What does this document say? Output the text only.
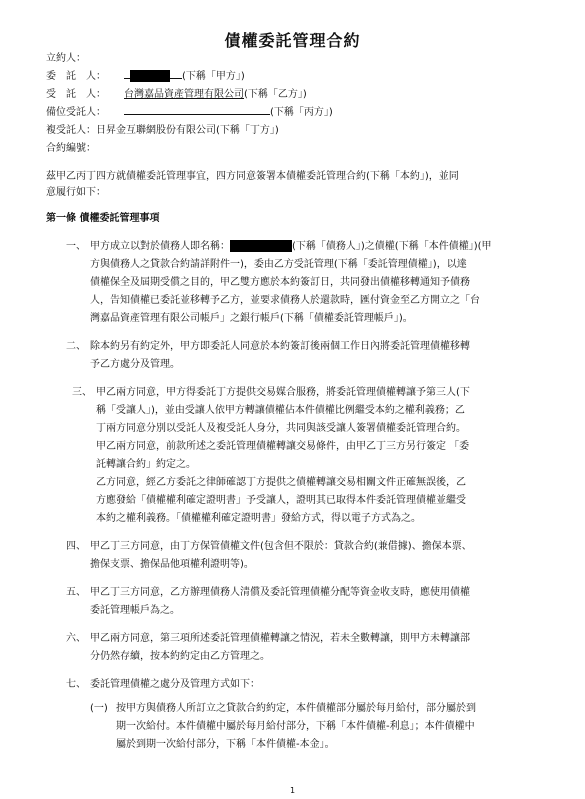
債權委託管理合約
立約人：
委　託　人：	(下稱「甲方」)
受　託　人： 台灣嘉品資產管理有限公司(下稱「乙方」)
備位受託人：	(下稱「丙方」)
複受託人：日昇金互聯網股份有限公司(下稱「丁方」)
合約編號：
茲甲乙丙丁四方就債權委託管理事宜，四方同意簽署本債權委託管理合約(下稱「本約」)，並同
意履行如下：
第一條 債權委託管理事項
一、 甲方成立以對於債務人即名稱：	(下稱「債務人」)之債權(下稱「本件債權」)(甲
方與債務人之貸款合約請詳附件一)，委由乙方受託管理(下稱「委託管理債權」)，以達
債權保全及屆期受償之目的，甲乙雙方應於本約簽訂日，共同發出債權移轉通知予債務
人，告知債權已委託並移轉予乙方，並要求債務人於還款時，匯付資金至乙方開立之「台
灣嘉品資產管理有限公司帳戶」之銀行帳戶(下稱「債權委託管理帳戶」)。
二、 除本約另有約定外，甲方即委託人同意於本約簽訂後兩個工作日內將委託管理債權移轉
予乙方處分及管理。
三、 甲乙兩方同意，甲方得委託丁方提供交易媒合服務，將委託管理債權轉讓予第三人(下
稱「受讓人」)，並由受讓人依甲方轉讓債權佔本件債權比例繼受本約之權利義務；乙
丁兩方同意分別以受託人及複受託人身分，共同與該受讓人簽署債權委託管理合約。
甲乙兩方同意，前款所述之委託管理債權轉讓交易條件，由甲乙丁三方另行簽定 「委
託轉讓合約」約定之。
乙方同意，經乙方委託之律師確認丁方提供之債權轉讓交易相關文件正確無誤後，乙
方應發給「債權權利確定證明書」予受讓人，證明其已取得本件委託管理債權並繼受
本約之權利義務。「債權權利確定證明書」發給方式，得以電子方式為之。
四、 甲乙丁三方同意，由丁方保管債權文件(包含但不限於：貸款合約(兼借據)、擔保本票、
擔保支票、擔保品他項權利證明等)。
五、 甲乙丁三方同意，乙方辦理債務人清償及委託管理債權分配等資金收支時，應使用債權
委託管理帳戶為之。
六、 甲乙兩方同意，第三項所述委託管理債權轉讓之情況，若未全數轉讓，則甲方未轉讓部
分仍然存續，按本約約定由乙方管理之。
七、 委託管理債權之處分及管理方式如下：
(一) 按甲方與債務人所訂立之貸款合約約定，本件債權部分屬於每月給付，部分屬於到
期一次給付。本件債權中屬於每月給付部分，下稱「本件債權-利息」；本件債權中
屬於到期一次給付部分，下稱「本件債權-本金」。
1
